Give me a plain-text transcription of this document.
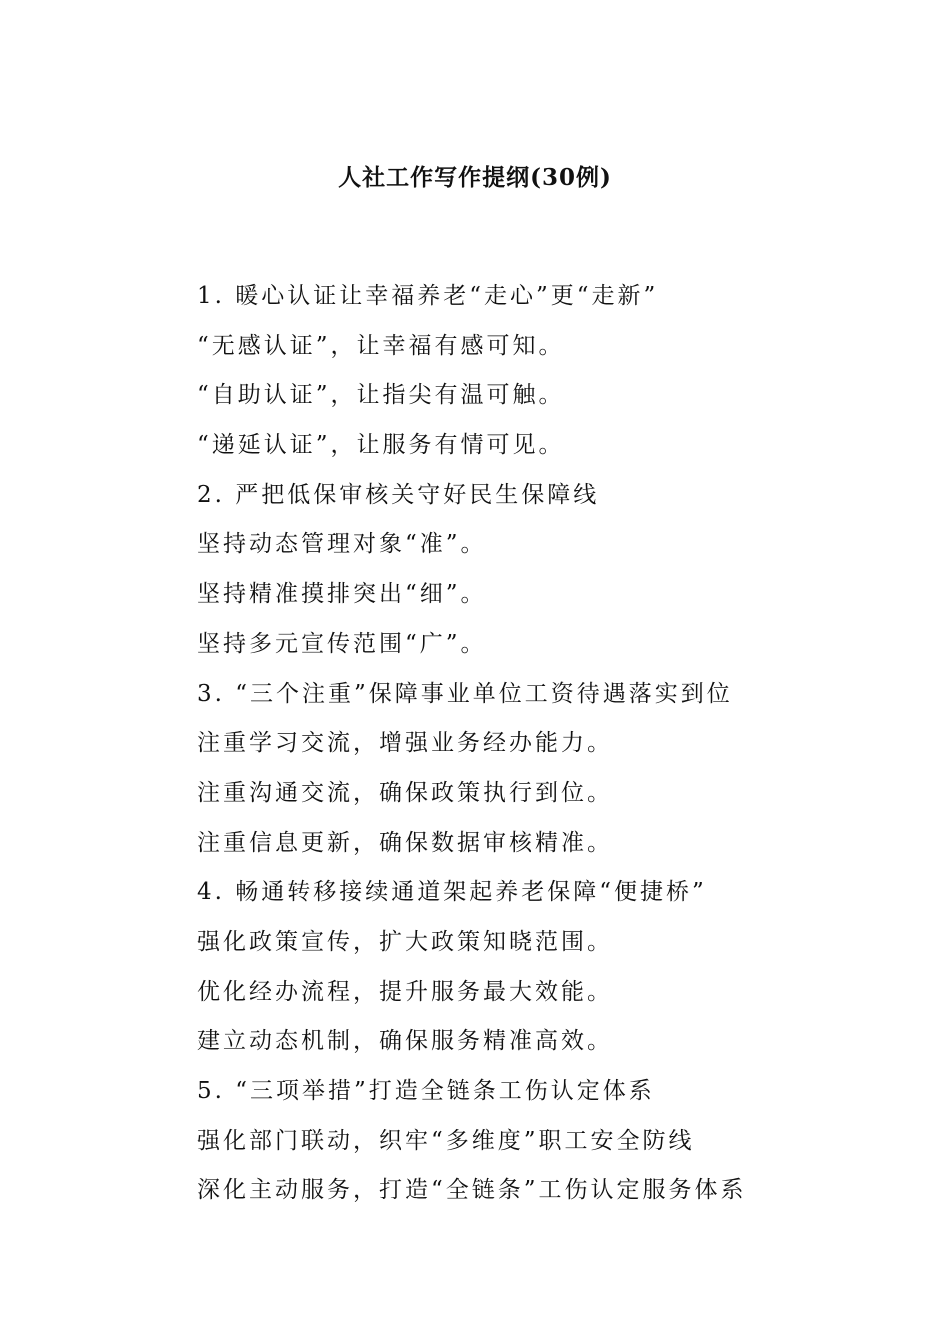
人社工作写作提纲(30例)
1. 暖心认证让幸福养老“走心”更“走新”
“无感认证”，让幸福有感可知。
“自助认证”，让指尖有温可触。
“递延认证”，让服务有情可见。
2. 严把低保审核关守好民生保障线
坚持动态管理对象“准”。
坚持精准摸排突出“细”。
坚持多元宣传范围“广”。
3. “三个注重”保障事业单位工资待遇落实到位
注重学习交流，增强业务经办能力。
注重沟通交流，确保政策执行到位。
注重信息更新，确保数据审核精准。
4. 畅通转移接续通道架起养老保障“便捷桥”
强化政策宣传，扩大政策知晓范围。
优化经办流程，提升服务最大效能。
建立动态机制，确保服务精准高效。
5. “三项举措”打造全链条工伤认定体系
强化部门联动，织牢“多维度”职工安全防线
深化主动服务，打造“全链条”工伤认定服务体系
